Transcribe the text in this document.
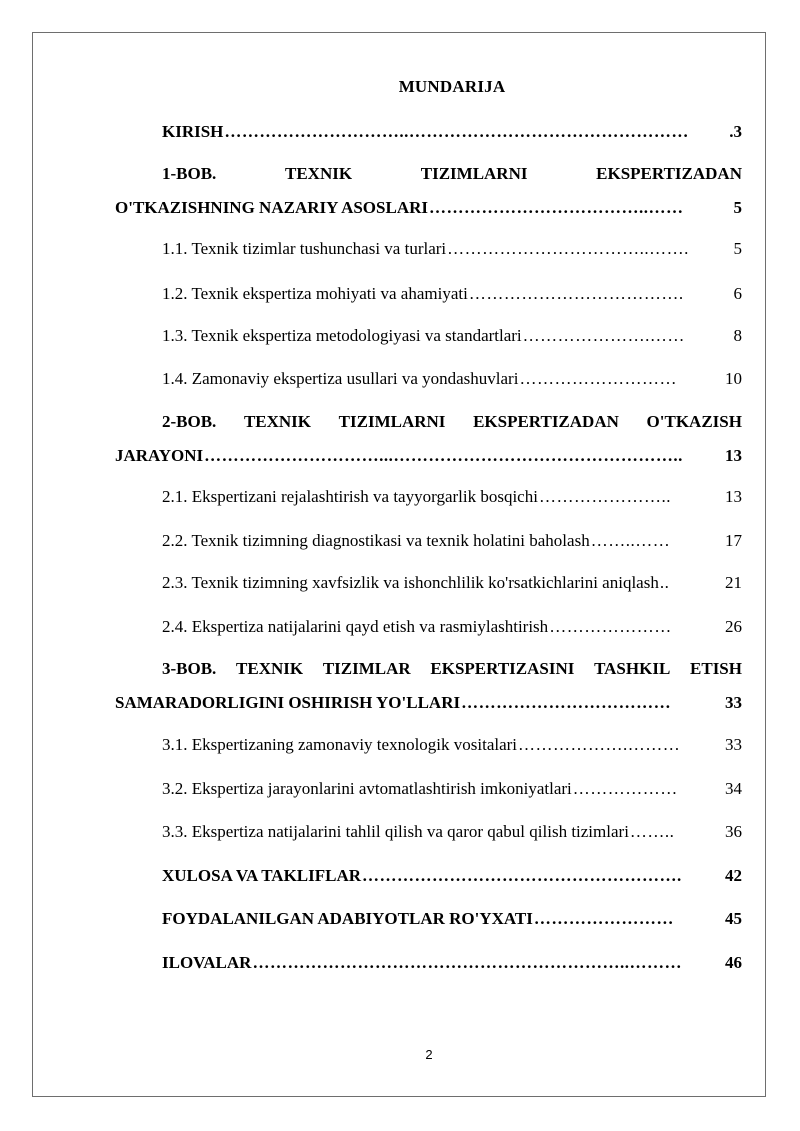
MUNDARIJA
KIRISH …………………………..…………………………………………	.3
1-BOB.	TEXNIK	TIZIMLARNI	EKSPERTIZADAN
O'TKAZISHNING NAZARIY ASOSLARI ………………………………..……	5
1.1. Texnik tizimlar tushunchasi va turlari ……………………………..…….	5
1.2. Texnik ekspertiza mohiyati va ahamiyati ……………………………….	6
1.3. Texnik ekspertiza metodologiyasi va standartlari ………………….……	8
1.4. Zamonaviy ekspertiza usullari va yondashuvlari ………………………	10
2-BOB. TEXNIK TIZIMLARNI EKSPERTIZADAN O'TKAZISH
JARAYONI …………………………...…………………………………………..	13
2.1. Ekspertizani rejalashtirish va tayyorgarlik bosqichi …………………..	13
2.2. Texnik tizimning diagnostikasi va texnik holatini baholash ……..……	17
2.3. Texnik tizimning xavfsizlik va ishonchlilik ko'rsatkichlarini aniqlash ..	21
2.4. Ekspertiza natijalarini qayd etish va rasmiylashtirish …………………	26
3-BOB. TEXNIK TIZIMLAR EKSPERTIZASINI TASHKIL ETISH
SAMARADORLIGINI OSHIRISH YO'LLARI ………………………………	33
3.1. Ekspertizaning zamonaviy texnologik vositalari ……………….………	33
3.2. Ekspertiza jarayonlarini avtomatlashtirish imkoniyatlari ………………	34
3.3. Ekspertiza natijalarini tahlil qilish va qaror qabul qilish tizimlari ……..	36
XULOSA VA TAKLIFLAR ……………………………………………….	42
FOYDALANILGAN ADABIYOTLAR RO'YXATI ……………………	45
ILOVALAR ………………………………………………………..………	46
2
